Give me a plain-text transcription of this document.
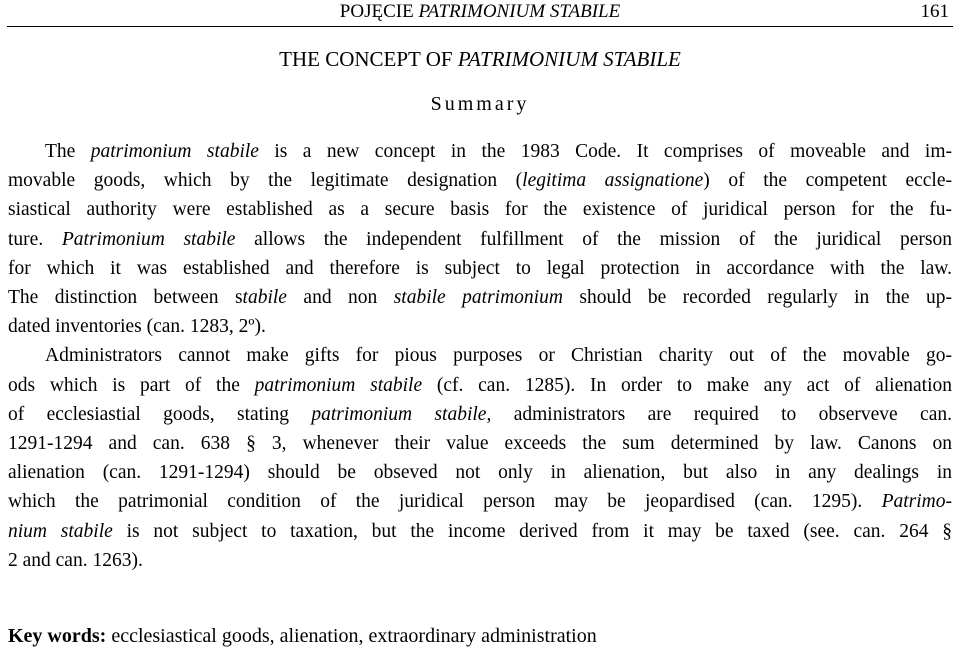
POJĘCIE PATRIMONIUM STABILE	161
THE CONCEPT OF PATRIMONIUM STABILE
Summary
The patrimonium stabile is a new concept in the 1983 Code. It comprises of moveable and im-
movable goods, which by the legitimate designation (legitima assignatione) of the competent eccle-
siastical authority were established as a secure basis for the existence of juridical person for the fu-
ture. Patrimonium stabile allows the independent fulfillment of the mission of the juridical person
for which it was established and therefore is subject to legal protection in accordance with the law.
The distinction between stabile and non stabile patrimonium should be recorded regularly in the up-
dated inventories (can. 1283, 2º).
Administrators cannot make gifts for pious purposes or Christian charity out of the movable go-
ods which is part of the patrimonium stabile (cf. can. 1285). In order to make any act of alienation
of ecclesiastial goods, stating patrimonium stabile, administrators are required to observeve can.
1291-1294 and can. 638 § 3, whenever their value exceeds the sum determined by law. Canons on
alienation (can. 1291-1294) should be obseved not only in alienation, but also in any dealings in
which the patrimonial condition of the juridical person may be jeopardised (can. 1295). Patrimo-
nium stabile is not subject to taxation, but the income derived from it may be taxed (see. can. 264 §
2 and can. 1263).
Key words: ecclesiastical goods, alienation, extraordinary administration
